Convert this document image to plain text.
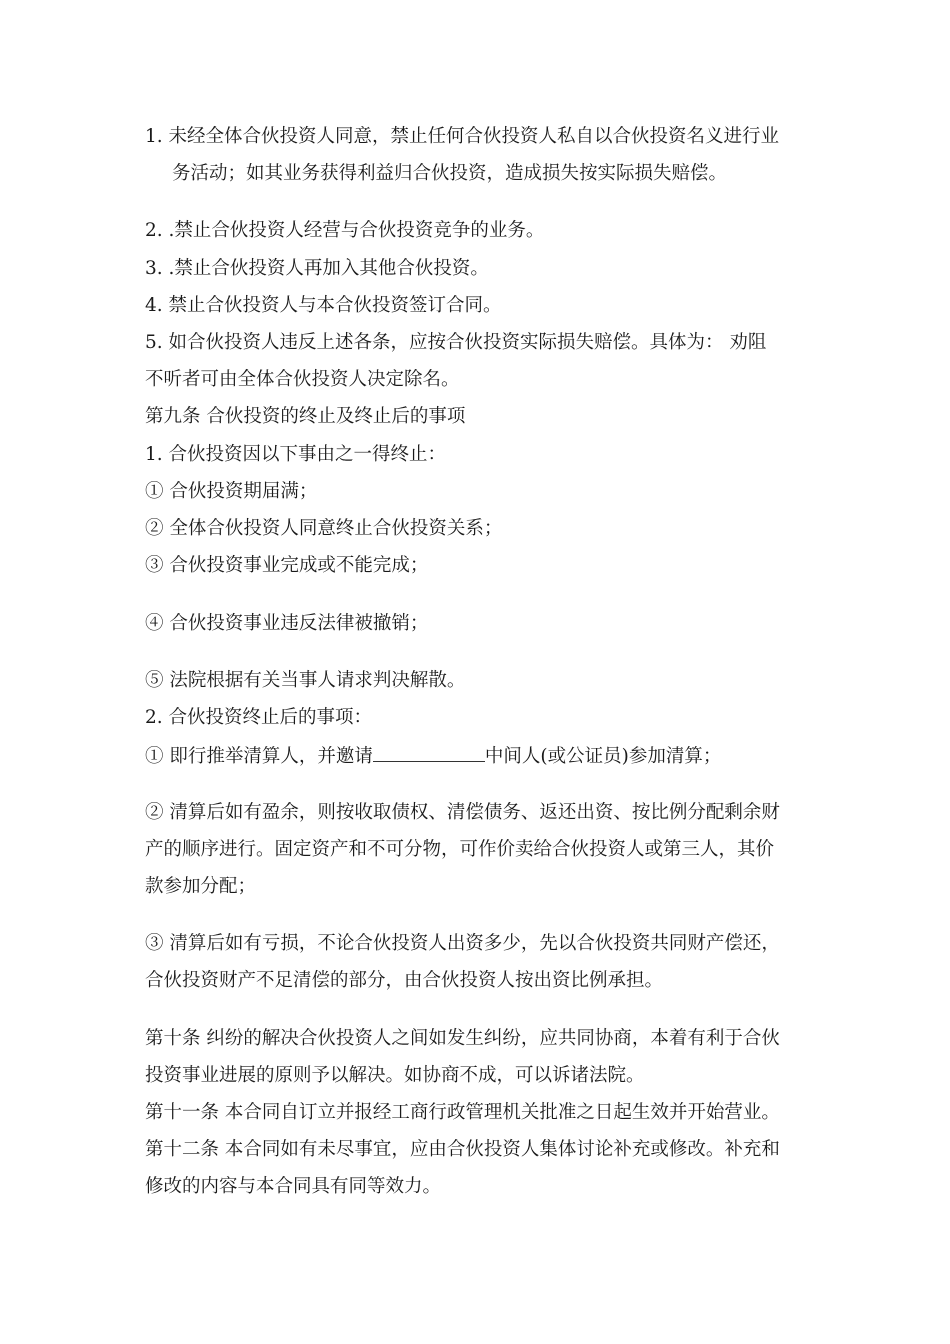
1. 未经全体合伙投资人同意，禁止任何合伙投资人私自以合伙投资名义进行业
务活动；如其业务获得利益归合伙投资，造成损失按实际损失赔偿。
2. .禁止合伙投资人经营与合伙投资竞争的业务。
3. .禁止合伙投资人再加入其他合伙投资。
4. 禁止合伙投资人与本合伙投资签订合同。
5. 如合伙投资人违反上述各条，应按合伙投资实际损失赔偿。具体为： 劝阻
不听者可由全体合伙投资人决定除名。
第九条 合伙投资的终止及终止后的事项
1. 合伙投资因以下事由之一得终止：
① 合伙投资期届满；
② 全体合伙投资人同意终止合伙投资关系；
③ 合伙投资事业完成或不能完成；
④ 合伙投资事业违反法律被撤销；
⑤ 法院根据有关当事人请求判决解散。
2. 合伙投资终止后的事项：
① 即行推举清算人，并邀请	中间人(或公证员)参加清算；
② 清算后如有盈余，则按收取债权、清偿债务、返还出资、按比例分配剩余财
产的顺序进行。固定资产和不可分物，可作价卖给合伙投资人或第三人，其价
款参加分配；
③ 清算后如有亏损，不论合伙投资人出资多少，先以合伙投资共同财产偿还，
合伙投资财产不足清偿的部分，由合伙投资人按出资比例承担。
第十条 纠纷的解决合伙投资人之间如发生纠纷，应共同协商，本着有利于合伙
投资事业进展的原则予以解决。如协商不成，可以诉诸法院。
第十一条 本合同自订立并报经工商行政管理机关批准之日起生效并开始营业。
第十二条 本合同如有未尽事宜，应由合伙投资人集体讨论补充或修改。补充和
修改的内容与本合同具有同等效力。
